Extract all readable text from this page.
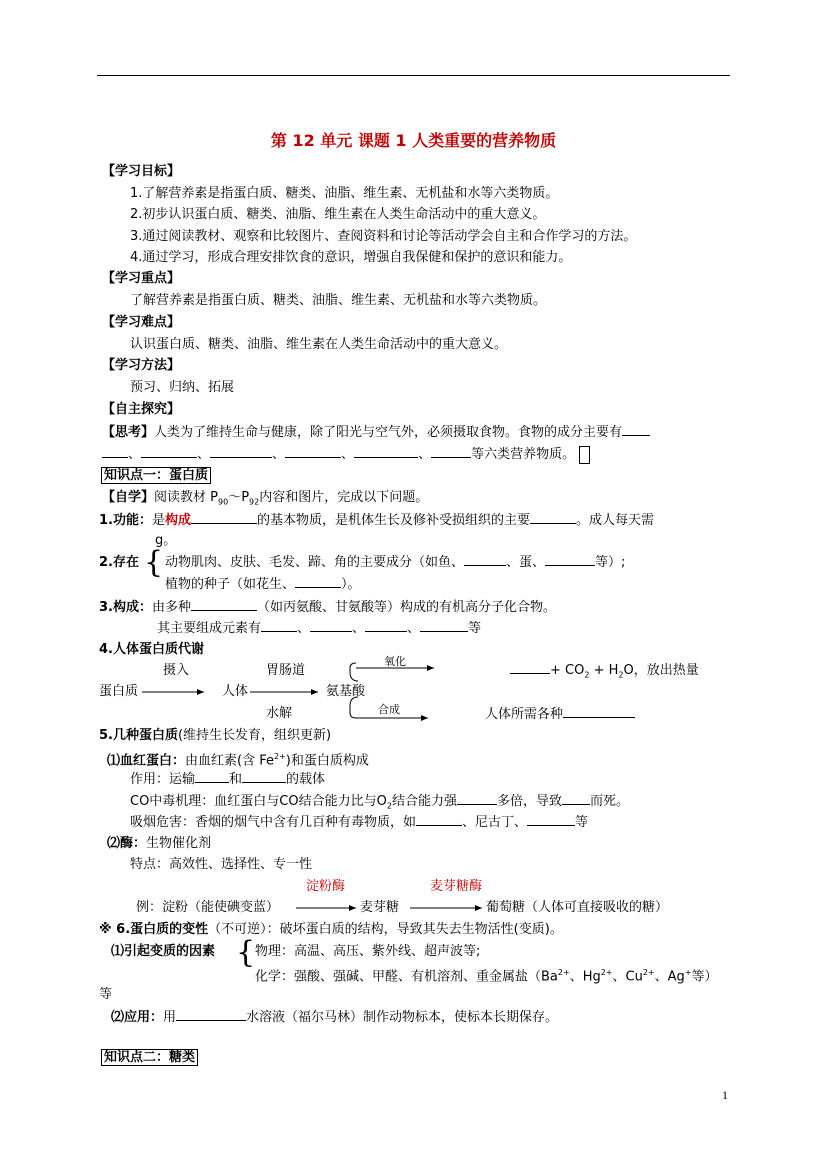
第 12 单元 课题 1 人类重要的营养物质
【学习目标】
1.了解营养素是指蛋白质、糖类、油脂、维生素、无机盐和水等六类物质。
2.初步认识蛋白质、糖类、油脂、维生素在人类生命活动中的重大意义。
3.通过阅读教材、观察和比较图片、查阅资料和讨论等活动学会自主和合作学习的方法。
4.通过学习，形成合理安排饮食的意识，增强自我保健和保护的意识和能力。
【学习重点】
了解营养素是指蛋白质、糖类、油脂、维生素、无机盐和水等六类物质。
【学习难点】
认识蛋白质、糖类、油脂、维生素在人类生命活动中的重大意义。
【学习方法】
预习、归纳、拓展
【自主探究】
【思考】人类为了维持生命与健康，除了阳光与空气外，必须摄取食物。食物的成分主要有
、	、	、	、	、	等六类营养物质。
知识点一：蛋白质
【自学】阅读教材 $P_{90}\sim P_{92}$内容和图片，完成以下问题。
1.功能：是构成	的基本物质，是机体生长及修补受损组织的主要	。成人每天需
g。
2.存在 { 动物肌肉、皮肤、毛发、蹄、角的主要成分（如鱼、	、蛋、	等）;
植物的种子（如花生、	）。
3.构成：由多种	（如丙氨酸、甘氨酸等）构成的有机高分子化合物。
其主要组成元素有	、	、	、	等
4.人体蛋白质代谢
摄入	胃肠道
氧化
+ $CO_2 + H_2O$，放出热量
蛋白质	人体	氨基酸
合成
水解	人体所需各种
5.几种蛋白质(维持生长发育，组织更新)
⑴血红蛋白：由血红素(含 $Fe^{2+}$)和蛋白质构成
作用：运输	和	的载体
CO中毒机理：血红蛋白与CO结合能力比与$O_2$结合能力强	多倍，导致 而死。
吸烟危害：香烟的烟气中含有几百种有毒物质，如	、尼古丁、	等
⑵酶：生物催化剂
特点：高效性、选择性、专一性
淀粉酶	麦芽糖酶
例：淀粉（能使碘变蓝）	麦芽糖	葡萄糖（人体可直接吸收的糖）
※ 6.蛋白质的变性（不可逆）：破坏蛋白质的结构，导致其失去生物活性(变质)。
⑴引起变质的因素 { 物理：高温、高压、紫外线、超声波等;
化学：强酸、强碱、甲醛、有机溶剂、重金属盐（$Ba^{2+}$、$Hg^{2+}$、$Cu^{2+}$、Ag+等）
等
⑵应用：用	水溶液（福尔马林）制作动物标本，使标本长期保存。
知识点二：糖类
1
